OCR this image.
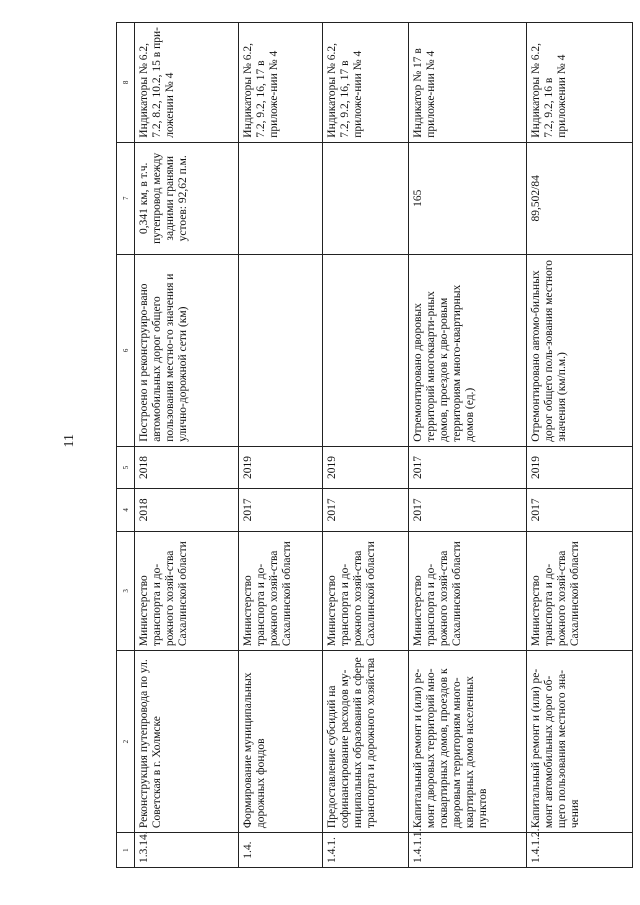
11
1	2	3	4	5	6	7	8
1.3.14.	Реконструкция путепровода по ул. Советская в г. Холмске	Министерство транспорта и до-рожного хозяй-ства Сахалинской области	2018	2018	Построено и реконструиро-вано автомобильных дорог общего пользования местно-го значения и улично-дорожной сети (км)	0,341 км, в т.ч. путепровод между задними гранями устоев: 92,62 п.м.	Индикаторы № 6.2, 7.2, 8.2, 10.2, 15 в при-ложении № 4
1.4.	Формирование муниципальных дорожных фондов	Министерство транспорта и до-рожного хозяй-ства Сахалинской области	2017	2019			Индикаторы № 6.2, 7.2, 9.2, 16, 17 в приложе-нии № 4
1.4.1.	Предоставление субсидий на софинансирование расходов му-ниципальных образований в сфере транспорта и дорожного хозяйства	Министерство транспорта и до-рожного хозяй-ства Сахалинской области	2017	2019			Индикаторы № 6.2, 7.2, 9.2, 16, 17 в приложе-нии № 4
1.4.1.1.	Капитальный ремонт и (или) ре-монт дворовых территорий мно-гоквартирных домов, проездов к дворовым территориям много-квартирных домов населенных пунктов	Министерство транспорта и до-рожного хозяй-ства Сахалинской области	2017	2017	Отремонтировано дворовых территорий многокварти-рных домов, проездов к дво-ровым территориям много-квартирных домов (ед.)	165	Индикатор № 17 в приложе-нии № 4
1.4.1.2.	Капитальный ремонт и (или) ре-монт автомобильных дорог об-щего пользования местного зна-чения	Министерство транспорта и до-рожного хозяй-ства Сахалинской области	2017	2019	Отремонтировано автомо-бильных дорог общего поль-зования местного значения (км/п.м.)	89,502/84	Индикаторы № 6.2, 7.2, 9.2, 16 в приложении № 4
